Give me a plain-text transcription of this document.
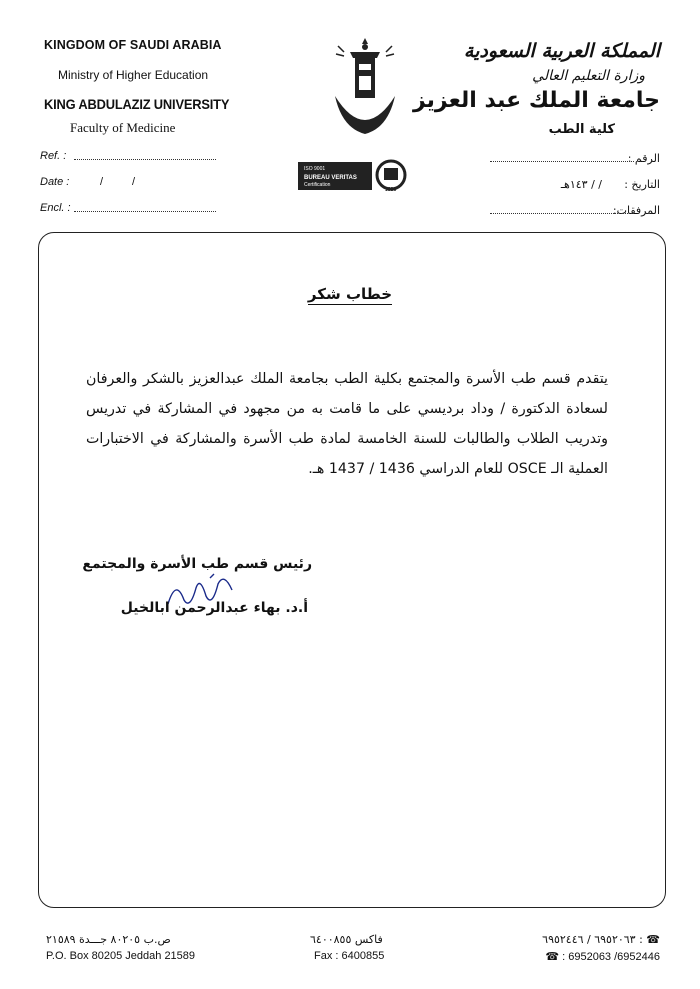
KINGDOM OF SAUDI ARABIA
Ministry of Higher Education
KING ABDULAZIZ UNIVERSITY
Faculty of Medicine
Ref. :
Date :	/	/
Encl. :
المملكة العربية السعودية
وزارة التعليم العالي
جامعة الملك عبد العزيز
كلية الطب
الرقم :
التاريخ :
/ / ١٤٣هـ
المرفقات:
ISO 9001
BUREAU VERITAS
Certification
1828
خطاب شكر
يتقدم قسم طب الأسرة والمجتمع بكلية الطب بجامعة الملك عبدالعزيز بالشكر والعرفان
لسعادة الدكتورة / وداد برديسي على ما قامت به من مجهود في المشاركة في تدريس
وتدريب الطلاب والطالبات للسنة الخامسة لمادة طب الأسرة والمشاركة في الاختبارات
العملية الـ OSCE للعام الدراسي 1436 / 1437 هـ.
رئيس قسم طب الأسرة والمجتمع
أ.د. بهاء عبدالرحمن ابالخيل
ص.ب ٨٠٢٠٥ جـــدة ٢١٥٨٩
P.O. Box 80205 Jeddah 21589
فاكس ٦٤٠٠٨٥٥
Fax : 6400855
☎ : ٦٩٥٢٠٦٣ / ٦٩٥٢٤٤٦
☎ : 6952063 /6952446
